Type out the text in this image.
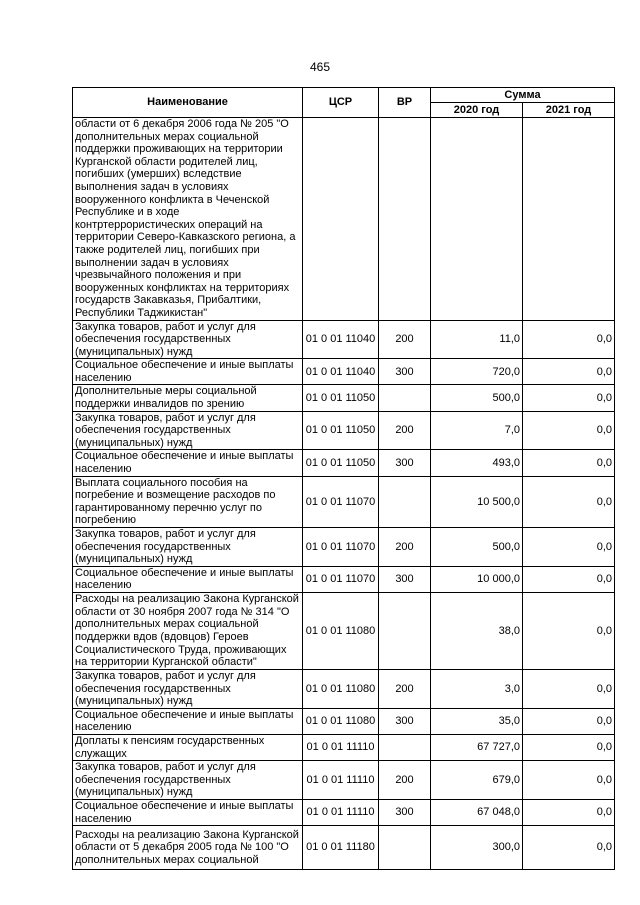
465
Наименование	ЦСР	ВР	Сумма	
			2020 год	2021 год
области от 6 декабря 2006 года № 205 "О дополнительных мерах социальной поддержки проживающих на территории Курганской области родителей лиц, погибших (умерших) вследствие выполнения задач в условиях вооруженного конфликта в Чеченской Республике и в ходе контртеррористических операций на территории Северо-Кавказского региона, а также родителей лиц, погибших при выполнении задач в условиях чрезвычайного положения и при вооруженных конфликтах на территориях государств Закавказья, Прибалтики, Республики Таджикистан"				
Закупка товаров, работ и услуг для обеспечения государственных (муниципальных) нужд	01 0 01 11040	200	11,0	0,0
Социальное обеспечение и иные выплаты населению	01 0 01 11040	300	720,0	0,0
Дополнительные меры социальной поддержки инвалидов по зрению	01 0 01 11050		500,0	0,0
Закупка товаров, работ и услуг для обеспечения государственных (муниципальных) нужд	01 0 01 11050	200	7,0	0,0
Социальное обеспечение и иные выплаты населению	01 0 01 11050	300	493,0	0,0
Выплата социального пособия на погребение и возмещение расходов по гарантированному перечню услуг по погребению	01 0 01 11070		10 500,0	0,0
Закупка товаров, работ и услуг для обеспечения государственных (муниципальных) нужд	01 0 01 11070	200	500,0	0,0
Социальное обеспечение и иные выплаты населению	01 0 01 11070	300	10 000,0	0,0
Расходы на реализацию Закона Курганской области от 30 ноября 2007 года № 314 "О дополнительных мерах социальной поддержки вдов (вдовцов) Героев Социалистического Труда, проживающих на территории Курганской области"	01 0 01 11080		38,0	0,0
Закупка товаров, работ и услуг для обеспечения государственных (муниципальных) нужд	01 0 01 11080	200	3,0	0,0
Социальное обеспечение и иные выплаты населению	01 0 01 11080	300	35,0	0,0
Доплаты к пенсиям государственных служащих	01 0 01 11110		67 727,0	0,0
Закупка товаров, работ и услуг для обеспечения государственных (муниципальных) нужд	01 0 01 11110	200	679,0	0,0
Социальное обеспечение и иные выплаты населению	01 0 01 11110	300	67 048,0	0,0
Расходы на реализацию Закона Курганской области от 5 декабря 2005 года № 100 "О дополнительных мерах социальной	01 0 01 11180		300,0	0,0
